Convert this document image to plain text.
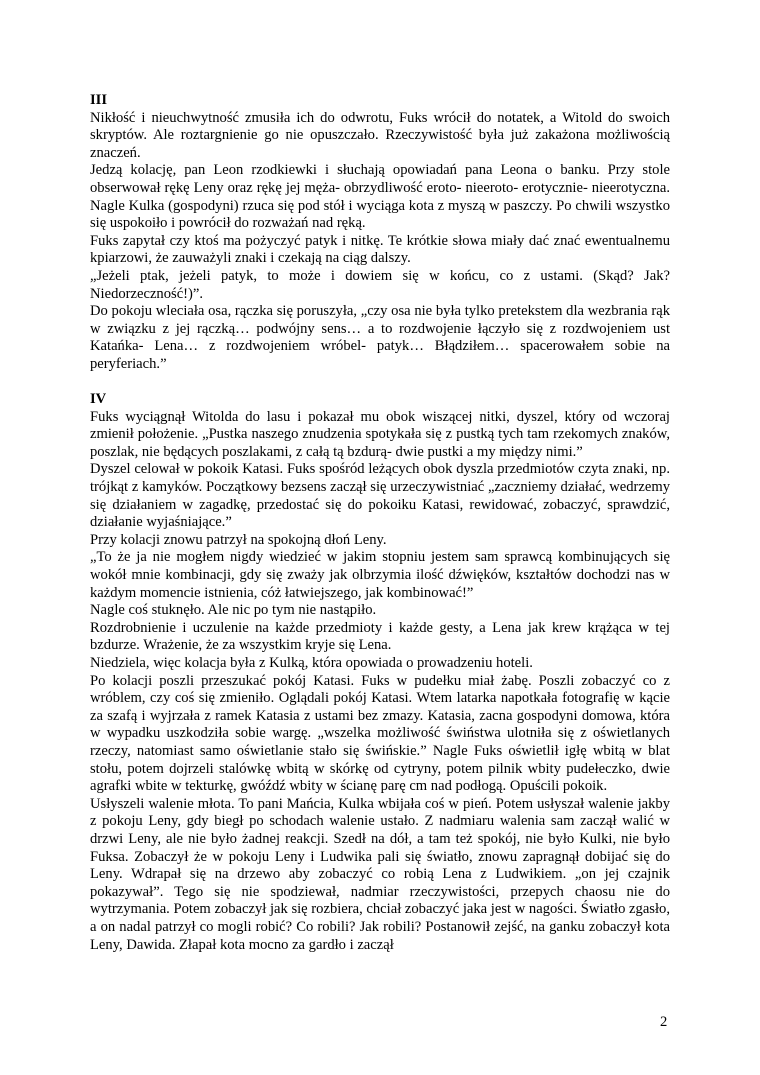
III

Nikłość i nieuchwytność zmusiła ich do odwrotu, Fuks wrócił do notatek, a Witold do swoich skryptów. Ale roztargnienie go nie opuszczało. Rzeczywistość była już zakażona możliwością znaczeń.

Jedzą kolację, pan Leon rzodkiewki i słuchają opowiadań pana Leona o banku. Przy stole obserwował rękę Leny oraz rękę jej męża- obrzydliwość eroto- nieeroto- erotycznie- nieerotyczna. Nagle Kulka (gospodyni) rzuca się pod stół i wyciąga kota z myszą w paszczy. Po chwili wszystko się uspokoiło i powrócił do rozważań nad ręką.

Fuks zapytał czy ktoś ma pożyczyć patyk i nitkę. Te krótkie słowa miały dać znać ewentualnemu kpiarzowi, że zauważyli znaki i czekają na ciąg dalszy.

„Jeżeli ptak, jeżeli patyk, to może i dowiem się w końcu, co z ustami. (Skąd? Jak? Niedorzeczność!)”.

Do pokoju wleciała osa, rączka się poruszyła, „czy osa nie była tylko pretekstem dla wezbrania rąk w związku z jej rączką… podwójny sens… a to rozdwojenie łączyło się z rozdwojeniem ust Katańka- Lena… z rozdwojeniem wróbel- patyk… Błądziłem… spacerowałem sobie na peryferiach.”

IV

Fuks wyciągnął Witolda do lasu i pokazał mu obok wiszącej nitki, dyszel, który od wczoraj zmienił położenie. „Pustka naszego znudzenia spotykała się z pustką tych tam rzekomych znaków, poszlak, nie będących poszlakami, z całą tą bzdurą- dwie pustki a my między nimi.”

Dyszel celował w pokoik Katasi. Fuks spośród leżących obok dyszla przedmiotów czyta znaki, np. trójkąt z kamyków. Początkowy bezsens zaczął się urzeczywistniać „zaczniemy działać, wedrzemy się działaniem w zagadkę, przedostać się do pokoiku Katasi, rewidować, zobaczyć, sprawdzić, działanie wyjaśniające.”

Przy kolacji znowu patrzył na spokojną dłoń Leny.

„To że ja nie mogłem nigdy wiedzieć w jakim stopniu jestem sam sprawcą kombinujących się wokół mnie kombinacji, gdy się zważy jak olbrzymia ilość dźwięków, kształtów dochodzi nas w każdym momencie istnienia, cóż łatwiejszego, jak kombinować!”

Nagle coś stuknęło. Ale nic po tym nie nastąpiło.

Rozdrobnienie i uczulenie na każde przedmioty i każde gesty, a Lena jak krew krążąca w tej bzdurze. Wrażenie, że za wszystkim kryje się Lena.

Niedziela, więc kolacja była z Kulką, która opowiada o prowadzeniu hoteli.

Po kolacji poszli przeszukać pokój Katasi. Fuks w pudełku miał żabę. Poszli zobaczyć co z wróblem, czy coś się zmieniło. Oglądali pokój Katasi. Wtem latarka napotkała fotografię w kącie za szafą i wyjrzała z ramek Katasia z ustami bez zmazy. Katasia, zacna gospodyni domowa, która w wypadku uszkodziła sobie wargę. „wszelka możliwość świństwa ulotniła się z oświetlanych rzeczy, natomiast samo oświetlanie stało się świńskie.” Nagle Fuks oświetlił igłę wbitą w blat stołu, potem dojrzeli stalówkę wbitą w skórkę od cytryny, potem pilnik wbity pudełeczko, dwie agrafki wbite w tekturkę, gwóźdź wbity w ścianę parę cm nad podłogą. Opuścili pokoik.

Usłyszeli walenie młota. To pani Mańcia, Kulka wbijała coś w pień. Potem usłyszał walenie jakby z pokoju Leny, gdy biegł po schodach walenie ustało. Z nadmiaru walenia sam zaczął walić w drzwi Leny, ale nie było żadnej reakcji. Szedł na dół, a tam też spokój, nie było Kulki, nie było Fuksa. Zobaczył że w pokoju Leny i Ludwika pali się światło, znowu zapragnął dobijać się do Leny. Wdrapał się na drzewo aby zobaczyć co robią Lena z Ludwikiem. „on jej czajnik pokazywał”. Tego się nie spodziewał, nadmiar rzeczywistości, przepych chaosu nie do wytrzymania. Potem zobaczył jak się rozbiera, chciał zobaczyć jaka jest w nagości. Światło zgasło, a on nadal patrzył co mogli robić? Co robili? Jak robili? Postanowił zejść, na ganku zobaczył kota Leny, Dawida. Złapał kota mocno za gardło i zaczął

2
